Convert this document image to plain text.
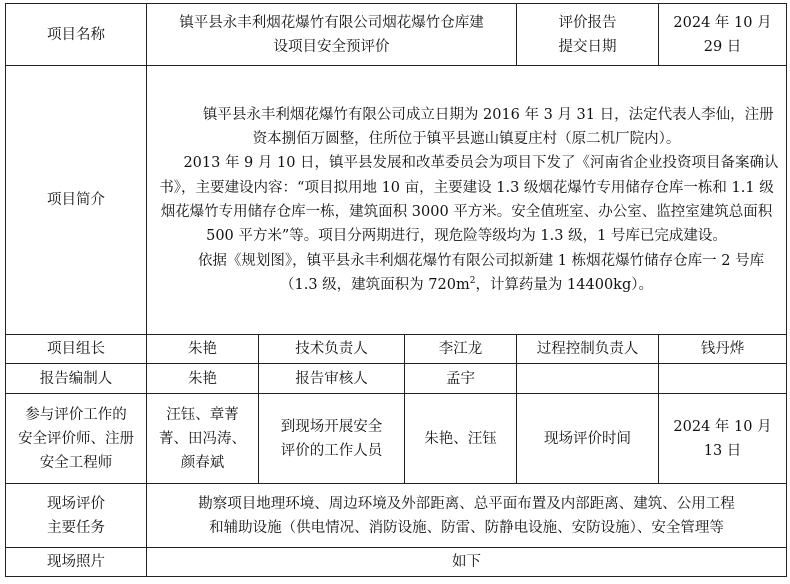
项目名称	镇平县永丰利烟花爆竹有限公司烟花爆竹仓库建
设项目安全预评价			评价报告
提交日期	2024 年 10 月
29 日

项目简介	镇平县永丰利烟花爆竹有限公司成立日期为 2016 年 3 月 31 日，法定代表人李仙，注册资本捌佰万圆整，住所位于镇平县遮山镇夏庄村（原二机厂院内）。

2013 年 9 月 10 日，镇平县发展和改革委员会为项目下发了《河南省企业投资项目备案确认书》，主要建设内容：“项目拟用地 10 亩，主要建设 1.3 级烟花爆竹专用储存仓库一栋和 1.1 级烟花爆竹专用储存仓库一栋，建筑面积 3000 平方米。安全值班室、办公室、监控室建筑总面积 500 平方米”等。项目分两期进行，现危险等级均为 1.3 级，1 号库已完成建设。

依据《规划图》，镇平县永丰利烟花爆竹有限公司拟新建 1 栋烟花爆竹储存仓库一 2 号库（1.3 级，建筑面积为 $720m^2$，计算药量为 14400kg）。				

项目组长	朱艳	技术负责人	李江龙	过程控制负责人	钱丹烨
报告编制人	朱艳	报告审核人	孟宇		

参与评价工作的
安全评价师、注册
安全工程师	汪钰、章菁
菁、田冯涛、
颜春斌	到现场开展安全
评价的工作人员	朱艳、汪钰	现场评价时间	2024 年 10 月
13 日

现场评价
主要任务	勘察项目地理环境、周边环境及外部距离、总平面布置及内部距离、建筑、公用工程
和辅助设施（供电情况、消防设施、防雷、防静电设施、安防设施）、安全管理等				

现场照片	如下				
